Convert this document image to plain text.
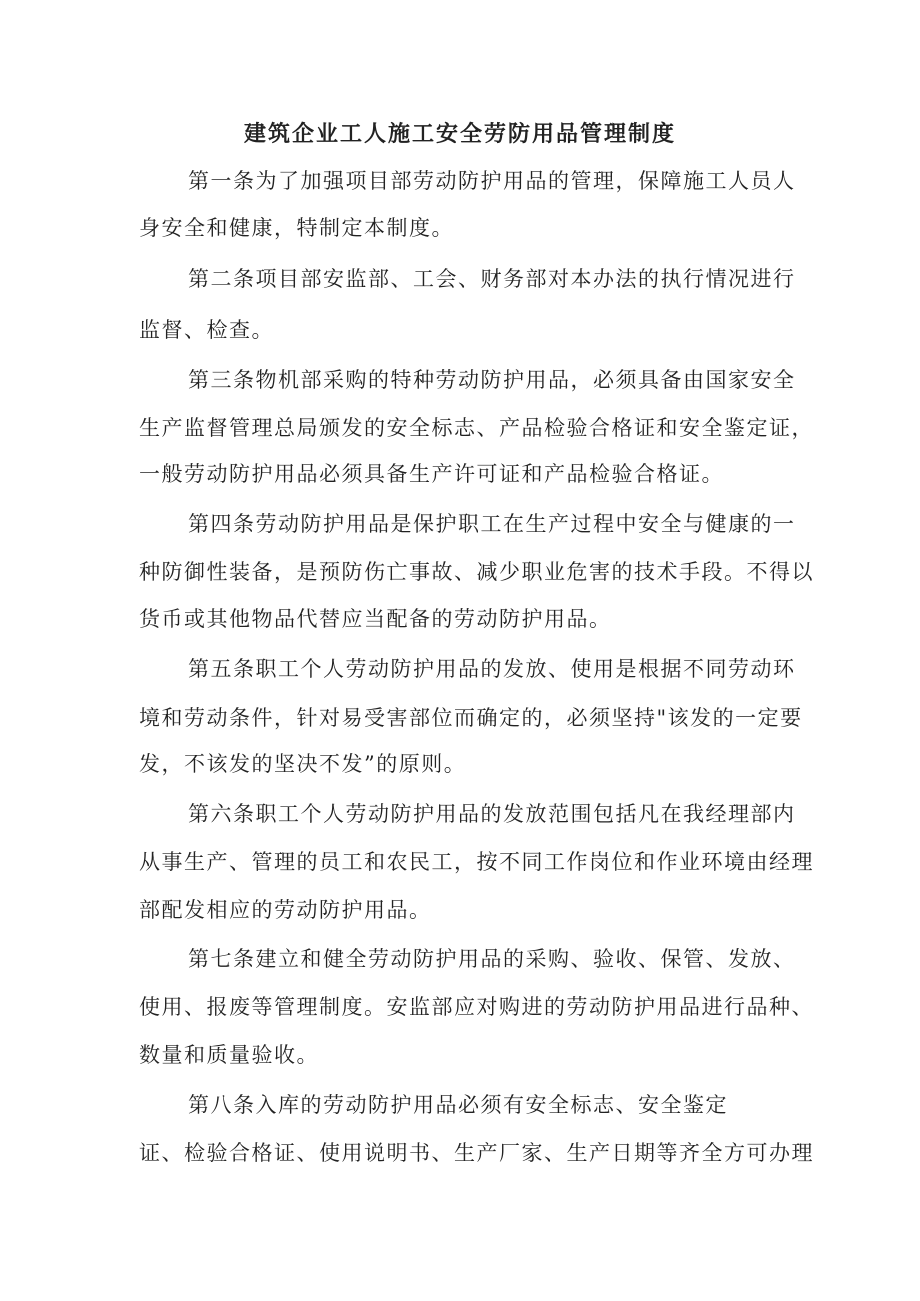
建筑企业工人施工安全劳防用品管理制度
第一条为了加强项目部劳动防护用品的管理，保障施工人员人
身安全和健康，特制定本制度。
第二条项目部安监部、工会、财务部对本办法的执行情况进行
监督、检查。
第三条物机部采购的特种劳动防护用品，必须具备由国家安全
生产监督管理总局颁发的安全标志、产品检验合格证和安全鉴定证，
一般劳动防护用品必须具备生产许可证和产品检验合格证。
第四条劳动防护用品是保护职工在生产过程中安全与健康的一
种防御性装备，是预防伤亡事故、减少职业危害的技术手段。不得以
货币或其他物品代替应当配备的劳动防护用品。
第五条职工个人劳动防护用品的发放、使用是根据不同劳动环
境和劳动条件，针对易受害部位而确定的，必须坚持"该发的一定要
发，不该发的坚决不发”的原则。
第六条职工个人劳动防护用品的发放范围包括凡在我经理部内
从事生产、管理的员工和农民工，按不同工作岗位和作业环境由经理
部配发相应的劳动防护用品。
第七条建立和健全劳动防护用品的采购、验收、保管、发放、
使用、报废等管理制度。安监部应对购进的劳动防护用品进行品种、
数量和质量验收。
第八条入库的劳动防护用品必须有安全标志、安全鉴定
证、检验合格证、使用说明书、生产厂家、生产日期等齐全方可办理
